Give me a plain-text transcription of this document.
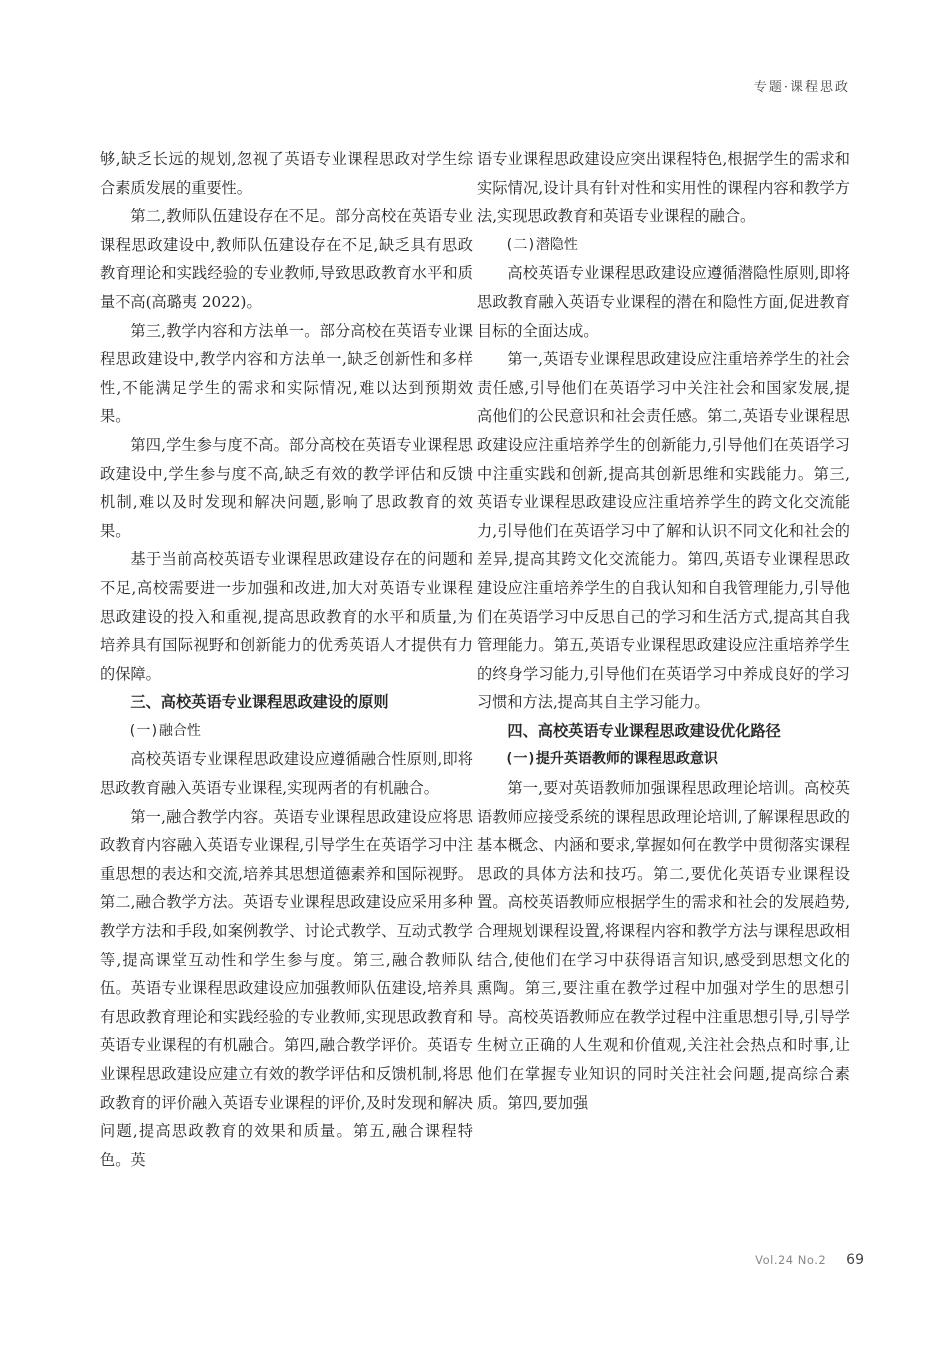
专题·课程思政

够,缺乏长远的规划,忽视了英语专业课程思政对学生综合素质发展的重要性。

第二,教师队伍建设存在不足。部分高校在英语专业课程思政建设中,教师队伍建设存在不足,缺乏具有思政教育理论和实践经验的专业教师,导致思政教育水平和质量不高(高璐夷 2022)。

第三,教学内容和方法单一。部分高校在英语专业课程思政建设中,教学内容和方法单一,缺乏创新性和多样性,不能满足学生的需求和实际情况,难以达到预期效果。

第四,学生参与度不高。部分高校在英语专业课程思政建设中,学生参与度不高,缺乏有效的教学评估和反馈机制,难以及时发现和解决问题,影响了思政教育的效果。

基于当前高校英语专业课程思政建设存在的问题和不足,高校需要进一步加强和改进,加大对英语专业课程思政建设的投入和重视,提高思政教育的水平和质量,为培养具有国际视野和创新能力的优秀英语人才提供有力的保障。

三、高校英语专业课程思政建设的原则
(一)融合性

高校英语专业课程思政建设应遵循融合性原则,即将思政教育融入英语专业课程,实现两者的有机融合。

第一,融合教学内容。英语专业课程思政建设应将思政教育内容融入英语专业课程,引导学生在英语学习中注重思想的表达和交流,培养其思想道德素养和国际视野。第二,融合教学方法。英语专业课程思政建设应采用多种教学方法和手段,如案例教学、讨论式教学、互动式教学等,提高课堂互动性和学生参与度。第三,融合教师队伍。英语专业课程思政建设应加强教师队伍建设,培养具有思政教育理论和实践经验的专业教师,实现思政教育和英语专业课程的有机融合。第四,融合教学评价。英语专业课程思政建设应建立有效的教学评估和反馈机制,将思政教育的评价融入英语专业课程的评价,及时发现和解决问题,提高思政教育的效果和质量。第五,融合课程特色。英

语专业课程思政建设应突出课程特色,根据学生的需求和实际情况,设计具有针对性和实用性的课程内容和教学方法,实现思政教育和英语专业课程的融合。

(二)潜隐性

高校英语专业课程思政建设应遵循潜隐性原则,即将思政教育融入英语专业课程的潜在和隐性方面,促进教育目标的全面达成。

第一,英语专业课程思政建设应注重培养学生的社会责任感,引导他们在英语学习中关注社会和国家发展,提高他们的公民意识和社会责任感。第二,英语专业课程思政建设应注重培养学生的创新能力,引导他们在英语学习中注重实践和创新,提高其创新思维和实践能力。第三,英语专业课程思政建设应注重培养学生的跨文化交流能力,引导他们在英语学习中了解和认识不同文化和社会的差异,提高其跨文化交流能力。第四,英语专业课程思政建设应注重培养学生的自我认知和自我管理能力,引导他们在英语学习中反思自己的学习和生活方式,提高其自我管理能力。第五,英语专业课程思政建设应注重培养学生的终身学习能力,引导他们在英语学习中养成良好的学习习惯和方法,提高其自主学习能力。

四、高校英语专业课程思政建设优化路径
(一)提升英语教师的课程思政意识

第一,要对英语教师加强课程思政理论培训。高校英语教师应接受系统的课程思政理论培训,了解课程思政的基本概念、内涵和要求,掌握如何在教学中贯彻落实课程思政的具体方法和技巧。第二,要优化英语专业课程设置。高校英语教师应根据学生的需求和社会的发展趋势,合理规划课程设置,将课程内容和教学方法与课程思政相结合,使他们在学习中获得语言知识,感受到思想文化的熏陶。第三,要注重在教学过程中加强对学生的思想引导。高校英语教师应在教学过程中注重思想引导,引导学生树立正确的人生观和价值观,关注社会热点和时事,让他们在掌握专业知识的同时关注社会问题,提高综合素质。第四,要加强

Vol.24 No.2 69
